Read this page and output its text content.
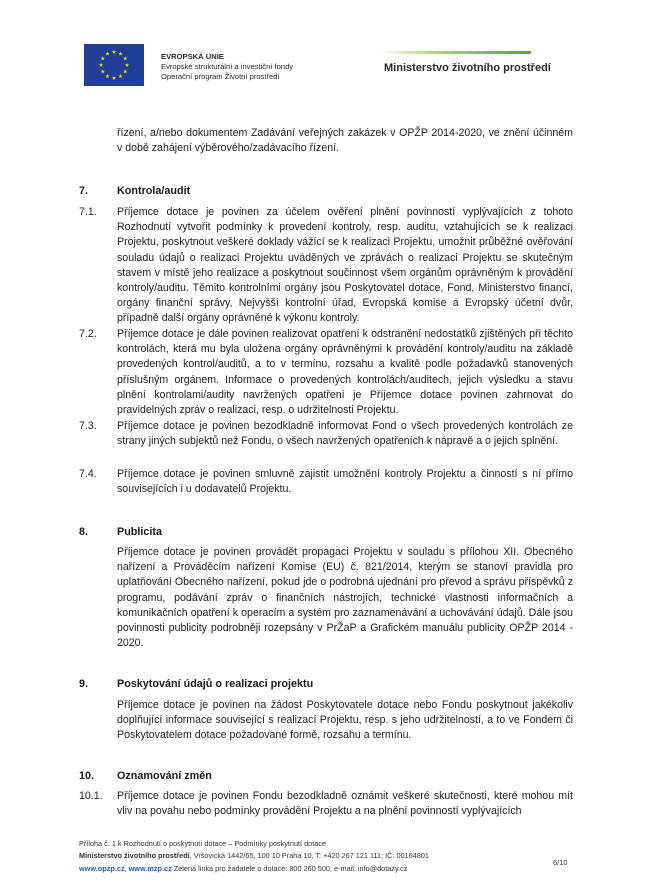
EVROPSKÁ UNIE
Evropské strukturální a investiční fondy
Operační program Životní prostředí
Ministerstvo životního prostředí
řízení, a/nebo dokumentem Zadávání veřejných zakázek v OPŽP 2014-2020, ve znění účinném v době zahájení výběrového/zadávacího řízení.
7.	Kontrola/audit
7.1. Příjemce dotace je povinen za účelem ověření plnění povinností vyplývajících z tohoto Rozhodnutí vytvořit podmínky k provedení kontroly, resp. auditu, vztahujících se k realizaci Projektu, poskytnout veškeré doklady vážící se k realizaci Projektu, umožnit průběžné ověřování souladu údajů o realizaci Projektu uváděných ve zprávách o realizaci Projektu se skutečným stavem v místě jeho realizace a poskytnout součinnost všem orgánům oprávněným k provádění kontroly/auditu. Těmito kontrolními orgány jsou Poskytovatel dotace, Fond, Ministerstvo financí, orgány finanční správy, Nejvyšší kontrolní úřad, Evropská komise a Evropský účetní dvůr, případně další orgány oprávněné k výkonu kontroly.
7.2. Příjemce dotace je dále povinen realizovat opatření k odstranění nedostatků zjištěných při těchto kontrolách, která mu byla uložena orgány oprávněnými k provádění kontroly/auditu na základě provedených kontrol/auditů, a to v termínu, rozsahu a kvalitě podle požadavků stanovených příslušným orgánem. Informace o provedených kontrolách/auditech, jejich výsledku a stavu plnění kontrolami/audity navržených opatření je Příjemce dotace povinen zahrnovat do pravidelných zpráv o realizaci, resp. o udržitelnosti Projektu.
7.3. Příjemce dotace je povinen bezodkladně informovat Fond o všech provedených kontrolách ze strany jiných subjektů než Fondu, o všech navržených opatřeních k nápravě a o jejich splnění.
7.4. Příjemce dotace je povinen smluvně zajistit umožnění kontroly Projektu a činností s ní přímo souvisejících i u dodavatelů Projektu.
8.	Publicita
Příjemce dotace je povinen provádět propagaci Projektu v souladu s přílohou XII. Obecného nařízení a Prováděcím nařízení Komise (EU) č. 821/2014, kterým se stanoví pravidla pro uplatňování Obecného nařízení, pokud jde o podrobná ujednání pro převod a správu příspěvků z programu, podávání zpráv o finančních nástrojích, technické vlastnosti informačních a komunikačních opatření k operacím a systém pro zaznamenávání a uchovávání údajů. Dále jsou povinnosti publicity podrobněji rozepsány v PrŽaP a Grafickém manuálu publicity OPŽP 2014 - 2020.
9.	Poskytování údajů o realizaci projektu
Příjemce dotace je povinen na žádost Poskytovatele dotace nebo Fondu poskytnout jakékoliv doplňující informace související s realizací Projektu, resp. s jeho udržitelností, a to ve Fondem či Poskytovatelem dotace požadované formě, rozsahu a termínu.
10. Oznamování změn
10.1. Příjemce dotace je povinen Fondu bezodkladně oznámit veškeré skutečnosti, které mohou mít vliv na povahu nebo podmínky provádění Projektu a na plnění povinností vyplývajících
Příloha č. 1 k Rozhodnutí o poskytnutí dotace – Podmínky poskytnutí dotace
Ministerstvo životního prostředí, Vršovická 1442/65, 100 10 Praha 10, T: +420 267 121 111; IČ: 00164801
www.opzp.cz, www.mzp.cz Zelená linka pro žadatele o dotace: 800 260 500, e-mail: info@dotazy.cz
6/10
